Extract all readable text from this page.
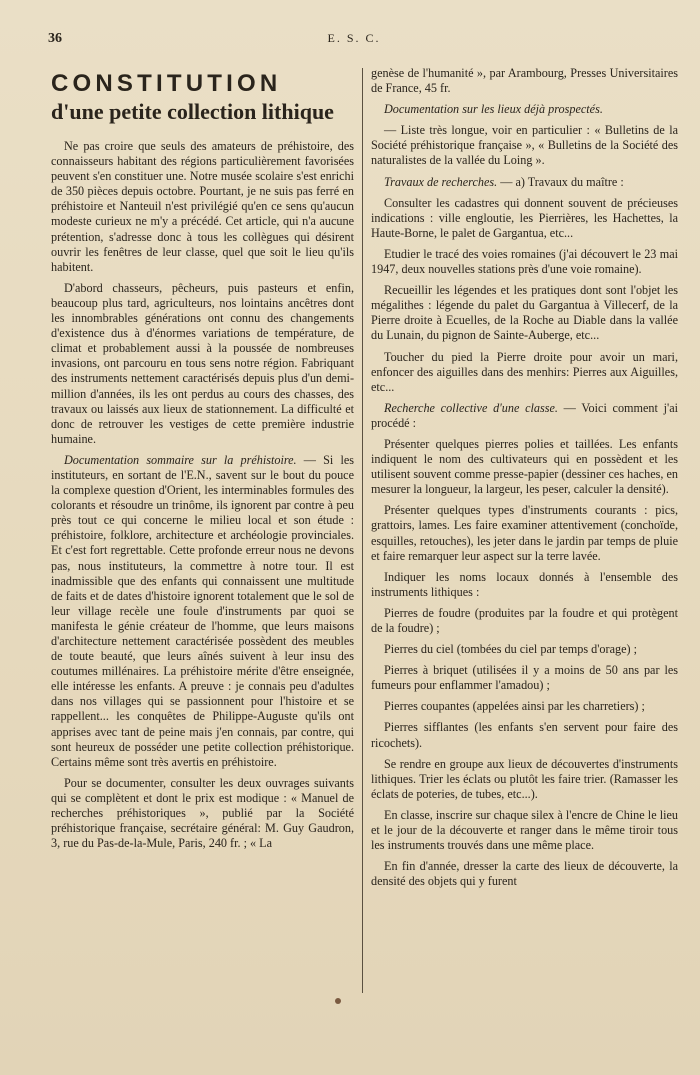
36	E. S. C.
CONSTITUTION
d'une petite collection lithique

Ne pas croire que seuls des amateurs de préhistoire, des connaisseurs habitant des régions particulièrement favorisées peuvent s'en constituer une. Notre musée scolaire s'est enrichi de 350 pièces depuis octobre. Pourtant, je ne suis pas ferré en préhistoire et Nanteuil n'est privilégié qu'en ce sens qu'aucun modeste curieux ne m'y a précédé. Cet article, qui n'a aucune prétention, s'adresse donc à tous les collègues qui désirent ouvrir les fenêtres de leur classe, quel que soit le lieu qu'ils habitent.

D'abord chasseurs, pêcheurs, puis pasteurs et enfin, beaucoup plus tard, agriculteurs, nos lointains ancêtres dont les innombrables générations ont connu des changements d'existence dus à d'énormes variations de température, de climat et probablement aussi à la poussée de nombreuses invasions, ont parcouru en tous sens notre région. Fabriquant des instruments nettement caractérisés depuis plus d'un demi-million d'années, ils les ont perdus au cours des chasses, des travaux ou laissés aux lieux de stationnement. La difficulté et donc de retrouver les vestiges de cette première industrie humaine.

Documentation sommaire sur la préhistoire. — Si les instituteurs, en sortant de l'E.N., savent sur le bout du pouce la complexe question d'Orient, les interminables formules des colorants et résoudre un trinôme, ils ignorent par contre à peu près tout ce qui concerne le milieu local et son étude : préhistoire, folklore, architecture et archéologie provinciales. Et c'est fort regrettable. Cette profonde erreur nous ne devons pas, nous instituteurs, la commettre à notre tour. Il est inadmissible que des enfants qui connaissent une multitude de faits et de dates d'histoire ignorent totalement que le sol de leur village recèle une foule d'instruments par quoi se manifesta le génie créateur de l'homme, que leurs maisons d'architecture nettement caractérisée possèdent des meubles de toute beauté, que leurs aînés suivent à leur insu des coutumes millénaires. La préhistoire mérite d'être enseignée, elle intéresse les enfants. A preuve : je connais peu d'adultes dans nos villages qui se passionnent pour l'histoire et se rappellent... les conquêtes de Philippe-Auguste qu'ils ont apprises avec tant de peine mais j'en connais, par contre, qui sont heureux de posséder une petite collection préhistorique. Certains même sont très avertis en préhistoire.

Pour se documenter, consulter les deux ouvrages suivants qui se complètent et dont le prix est modique : « Manuel de recherches préhistoriques », publié par la Société préhistorique française, secrétaire général: M. Guy Gaudron, 3, rue du Pas-de-la-Mule, Paris, 240 fr. ; « La

genèse de l'humanité », par Arambourg, Presses Universitaires de France, 45 fr.

Documentation sur les lieux déjà prospectés.

— Liste très longue, voir en particulier : « Bulletins de la Société préhistorique française », « Bulletins de la Société des naturalistes de la vallée du Loing ».

Travaux de recherches. — a) Travaux du maître :

Consulter les cadastres qui donnent souvent de précieuses indications : ville engloutie, les Pierrières, les Hachettes, la Haute-Borne, le palet de Gargantua, etc...

Etudier le tracé des voies romaines (j'ai découvert le 23 mai 1947, deux nouvelles stations près d'une voie romaine).

Recueillir les légendes et les pratiques dont sont l'objet les mégalithes : légende du palet du Gargantua à Villecerf, de la Pierre droite à Ecuelles, de la Roche au Diable dans la vallée du Lunain, du pignon de Sainte-Auberge, etc...

Toucher du pied la Pierre droite pour avoir un mari, enfoncer des aiguilles dans des menhirs: Pierres aux Aiguilles, etc...

Recherche collective d'une classe. — Voici comment j'ai procédé :

Présenter quelques pierres polies et taillées. Les enfants indiquent le nom des cultivateurs qui en possèdent et les utilisent souvent comme presse-papier (dessiner ces haches, en mesurer la longueur, la largeur, les peser, calculer la densité).

Présenter quelques types d'instruments courants : pics, grattoirs, lames. Les faire examiner attentivement (conchoïde, esquilles, retouches), les jeter dans le jardin par temps de pluie et faire remarquer leur aspect sur la terre lavée.

Indiquer les noms locaux donnés à l'ensemble des instruments lithiques :

Pierres de foudre (produites par la foudre et qui protègent de la foudre) ;

Pierres du ciel (tombées du ciel par temps d'orage) ;

Pierres à briquet (utilisées il y a moins de 50 ans par les fumeurs pour enflammer l'amadou) ;

Pierres coupantes (appelées ainsi par les charretiers) ;

Pierres sifflantes (les enfants s'en servent pour faire des ricochets).

Se rendre en groupe aux lieux de découvertes d'instruments lithiques. Trier les éclats ou plutôt les faire trier. (Ramasser les éclats de poteries, de tubes, etc...).

En classe, inscrire sur chaque silex à l'encre de Chine le lieu et le jour de la découverte et ranger dans le même tiroir tous les instruments trouvés dans une même place.

En fin d'année, dresser la carte des lieux de découverte, la densité des objets qui y furent
